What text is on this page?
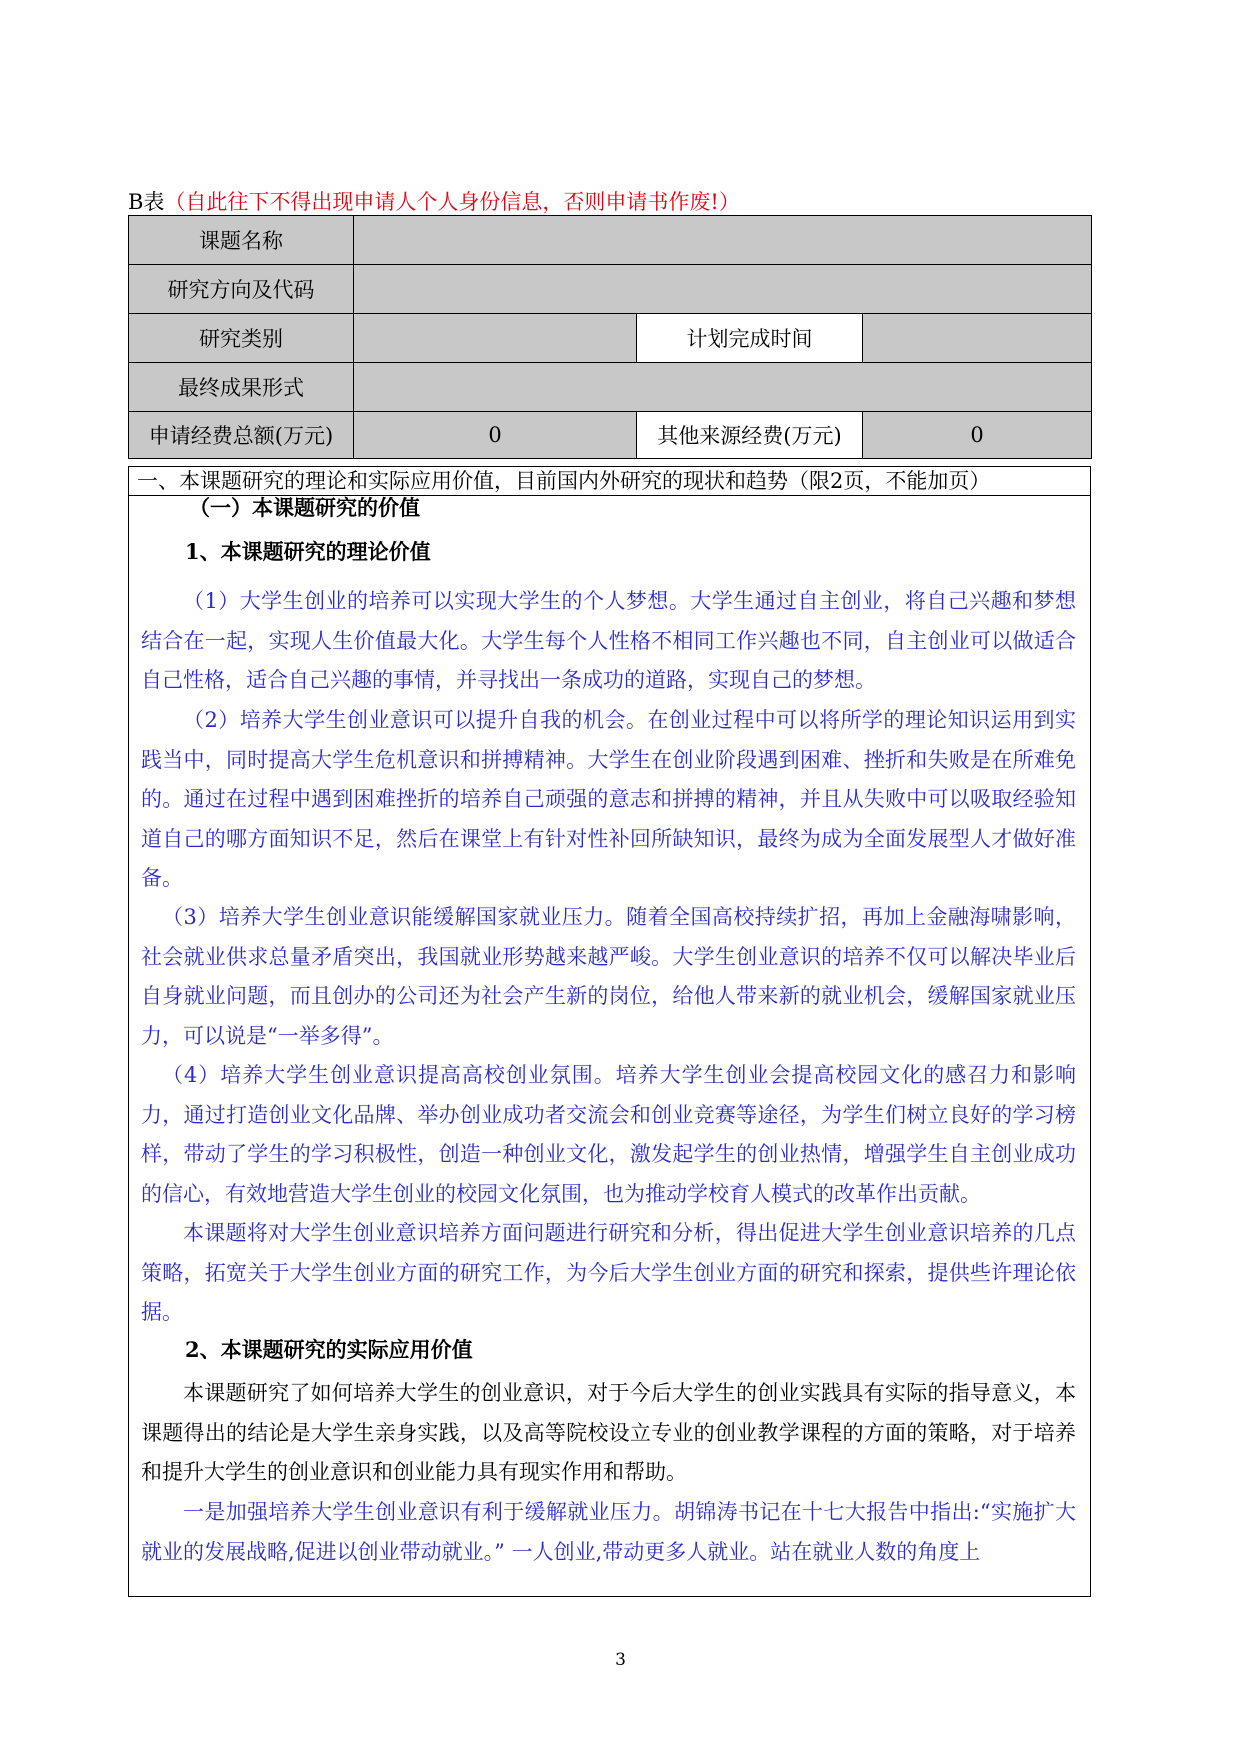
B表（自此往下不得出现申请人个人身份信息，否则申请书作废!）
课题名称			
研究方向及代码			
研究类别		计划完成时间	
最终成果形式			
申请经费总额(万元)	0	其他来源经费(万元)	0
一、本课题研究的理论和实际应用价值，目前国内外研究的现状和趋势（限2页，不能加页）
（一）本课题研究的价值
1、本课题研究的理论价值

（1）大学生创业的培养可以实现大学生的个人梦想。大学生通过自主创业，将自己兴趣和梦想结合在一起，实现人生价值最大化。大学生每个人性格不相同工作兴趣也不同，自主创业可以做适合自己性格，适合自己兴趣的事情，并寻找出一条成功的道路，实现自己的梦想。

（2）培养大学生创业意识可以提升自我的机会。在创业过程中可以将所学的理论知识运用到实践当中，同时提高大学生危机意识和拼搏精神。大学生在创业阶段遇到困难、挫折和失败是在所难免的。通过在过程中遇到困难挫折的培养自己顽强的意志和拼搏的精神，并且从失败中可以吸取经验知道自己的哪方面知识不足，然后在课堂上有针对性补回所缺知识，最终为成为全面发展型人才做好准备。

（3）培养大学生创业意识能缓解国家就业压力。随着全国高校持续扩招，再加上金融海啸影响，社会就业供求总量矛盾突出，我国就业形势越来越严峻。大学生创业意识的培养不仅可以解决毕业后自身就业问题，而且创办的公司还为社会产生新的岗位，给他人带来新的就业机会，缓解国家就业压力，可以说是“一举多得”。

（4）培养大学生创业意识提高高校创业氛围。培养大学生创业会提高校园文化的感召力和影响力，通过打造创业文化品牌、举办创业成功者交流会和创业竞赛等途径，为学生们树立良好的学习榜样，带动了学生的学习积极性，创造一种创业文化，激发起学生的创业热情，增强学生自主创业成功的信心，有效地营造大学生创业的校园文化氛围，也为推动学校育人模式的改革作出贡献。

本课题将对大学生创业意识培养方面问题进行研究和分析，得出促进大学生创业意识培养的几点策略，拓宽关于大学生创业方面的研究工作，为今后大学生创业方面的研究和探索，提供些许理论依据。

2、本课题研究的实际应用价值

本课题研究了如何培养大学生的创业意识，对于今后大学生的创业实践具有实际的指导意义，本课题得出的结论是大学生亲身实践，以及高等院校设立专业的创业教学课程的方面的策略，对于培养和提升大学生的创业意识和创业能力具有现实作用和帮助。

一是加强培养大学生创业意识有利于缓解就业压力。胡锦涛书记在十七大报告中指出:“实施扩大就业的发展战略,促进以创业带动就业。” 一人创业,带动更多人就业。站在就业人数的角度上

3
